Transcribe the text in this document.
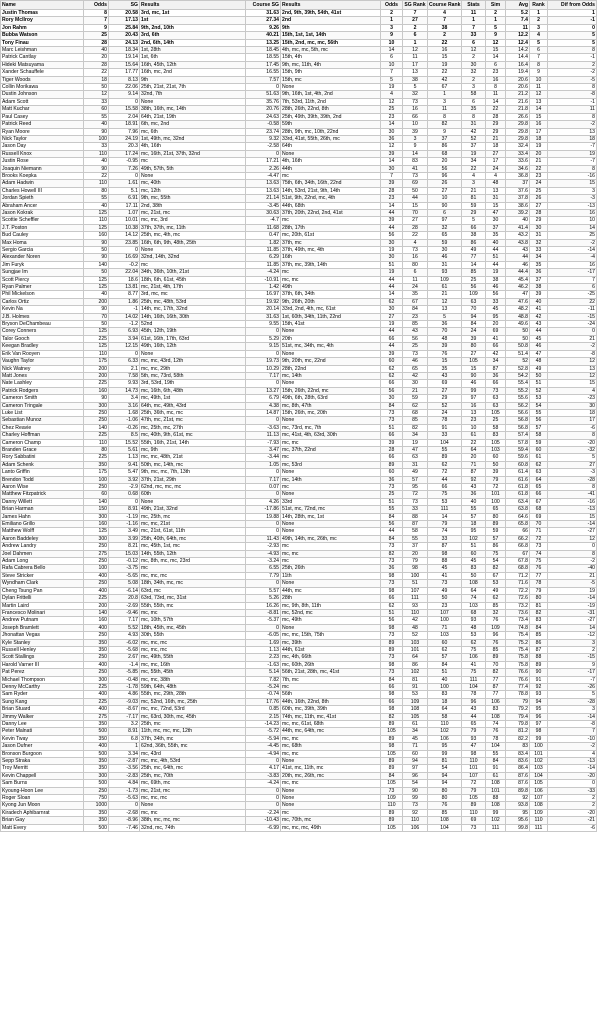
Name	Odds	SG	Results	Course SG	Results	Odds	SG Rank	Course Rank	Stats	Sim	Avg	Rank	Dif from Odds
Justin Thomas	8	20.58	3rd, mc, 1st	31.63	2nd, 9th, 39th, 54th, 41st	2	7	4	11	2	5.2	1	1
Rory McIlroy	7	17.13	1st	27.34	2nd	1	27	7	1	1	7.4	2	-1
Jon Rahm	9	25.84	9th, 2nd, 10th	9.26	9th	3	2	38	7	5	11	3	0
Bubba Watson	25	20.43	3rd, 6th	40.21	15th, 1st, 1st, 14th	9	6	2	33	9	12.2	4	5
Tony Finau	28	24.13	2nd, 6th, 14th	13.25	15th, 2nd, mc, mc, 56th	10	1	22	6	12	12.4	5	5
Marc Leishman	40	18.34	1st, 28th	18.45	4th, mc, mc, 5th, mc	14	12	16	12	15	14.2	6	8
Patrick Cantlay	20	19.14	1st, 6th	18.55	15th, 4th	6	11	15	2	14	14.4	7	-1
Hideki Matsuyama	28	15.64	16th, 45th, 12th	17.45	9th, mc, 11th, 4th	10	17	19	30	6	16.4	8	2
Xander Schauffele	22	17.77	16th, mc, 2nd	16.55	15th, 9th	7	13	22	32	23	19.4	9	-2
Tiger Woods	18	8.13	9th	7.57	15th, mc	5	38	42	2	16	20.6	10	-5
Collin Morikawa	50	22.06	25th, 21st, 21st, 7th	0	None	19	5	67	3	8	20.6	11	8
Dustin Johnson	12	9.14	32nd, 7th	51.63	9th, 16th, 1st, 4th, 2nd	4	32	1	58	11	21.2	12	-8
Adam Scott	33	0	None	35.76	7th, 53rd, 11th, 2nd	12	73	3	6	14	21.6	13	-1
Matt Kuchar	60	15.58	38th, 16th, mc, 14th	20.76	28th, 26th, 22nd, 8th	25	16	11	35	22	21.8	14	11
Paul Casey	55	2.04	64th, 21st, 19th	24.63	25th, 49th, 39th, 39th, 2nd	23	66	8	8	28	26.6	15	8
Patrick Reed	40	18.91	6th, mc, 2nd	-0.58	59th	14	10	82	31	29	29.8	16	-2
Ryan Moore	90	7.96	mc, 6th	23.74	28th, 9th, mc, 10th, 22nd	30	39	9	42	29	29.8	17	13
Nick Taylor	100	24.19	1st, 49th, mc, 32nd	9.32	33rd, 41st, 55th, 26th, mc	36	3	37	52	21	29.8	18	18
Jason Day	33	20.3	4th, 16th	-2.58	64th	12	9	86	37	18	32.4	19	-7
Russell Knox	110	17.24	mc, 16th, 21st, 37th, 32nd	0	None	39	14	68	19	27	33.4	20	19
Justin Rose	40	-0.95	mc	17.21	4th, 16th	14	83	20	34	17	33.6	21	-7
Joaquin Niemann	90	7.26	49th, 57th, 5th	2.26	44th	30	41	56	22	24	34.6	22	8
Brooks Koepka	22	0	None	-4.47	mc	7	73	96	4	4	36.8	23	-16
Adam Hadwin	110	1.61	mc, 40th	13.63	75th, 6th, 34th, 16th, 22nd	39	69	26	3	48	37	24	15
Charles Howell III	80	5.1	mc, 12th	13.63	14th, 53rd, 21st, 9th, 14th	28	50	27	21	13	37.6	25	3
Jordan Spieth	55	6.91	9th, mc, 55th	21.14	51st, 9th, 22nd, mc, 4th	23	44	10	81	31	37.8	26	-3
Abraham Ancer	40	17.11	2nd, 38th	-3.45	44th, 68th	14	15	90	59	15	38.6	27	-13
Jason Kokrak	125	1.07	mc, 21st, mc	30.63	37th, 20th, 22nd, 2nd, 41st	44	70	6	29	47	39.2	28	16
Scottie Scheffler	110	10.01	mc, mc, 3rd	-4.7	mc	39	27	97	5	30	40	29	10
J.T. Poston	125	10.38	37th, 37th, mc, 11th	11.68	28th, 17th	44	28	32	66	37	41.4	30	14
Bud Cauley	160	14.12	25th, mc, 4th, mc	0.47	mc, 20th, 61st	56	22	65	38	35	43.2	31	25
Max Homa	90	23.85	16th, 6th, 9th, 48th, 25th	1.82	37th, mc	30	4	59	86	40	43.8	32	-2
Sergio Garcia	50	0	None	11.85	37th, 49th, mc, 4th	19	73	30	49	44	43	33	-14
Alexander Noren	90	16.69	32nd, 14th, 32nd	6.29	16th	30	16	46	77	51	44	34	-4
Jim Furyk	140	-0.2	mc	11.85	37th, mc, 39th, 14th	51	80	31	14	44	46	35	16
Sungjae Im	50	22.04	34th, 36th, 10th, 21st	-4.24	mc	19	6	93	85	19	44.4	36	-17
Scott Piercy	125	18.6	18th, 6th, 61st, 45th	-10.91	mc, mc	44	11	109	25	38	45.4	37	7
Ryan Palmer	125	13.81	mc, 21st, 4th, 17th	1.42	49th	44	24	61	56	46	46.2	38	6
Phil Mickelson	40	8.77	3rd, mc, mc	16.97	37th, 6th, 34th	14	35	21	109	56	47	39	-25
Carlos Ortiz	200	1.86	25th, mc, 48th, 53rd	19.92	9th, 26th, 20th	62	67	12	63	33	47.6	40	22
Kevin Na	90	-1	14th, mc, 17th, 32nd	20.14	33rd, 2nd, 4th, mc, 61st	30	84	13	70	45	48.2	41	-11
J.B. Holmes	70	14.02	14th, 16th, 16th, 30th	31.63	1st, 60th, 34th, 11th, 22nd	27	23	5	94	95	48.8	42	-15
Bryson DeChambeau	50	-1.2	52nd	9.55	15th, 41st	19	85	36	84	20	49.6	43	-24
Corey Conners	125	6.93	45th, 12th, 19th	0	None	44	43	70	24	69	50	44	0
Talor Gooch	225	3.94	61st, 16th, 17th, 63rd	5.29	20th	66	56	48	39	41	50	45	21
Keegan Bradley	125	12.15	49th, 16th, 12th	9.15	51st, mc, 34th, mc, 4th	44	25	39	80	66	50.8	46	-2
Erik Van Rooyen	110	0	None	0	None	39	73	76	27	42	51.4	47	-8
Vaughn Taylor	175	6.33	mc, mc, 43rd, 12th	19.73	9th, 20th, mc, 22nd	60	46	15	105	34	52	48	12
Nick Watney	200	2.1	mc, mc, 29th	10.29	28th, 22nd	62	65	35	15	87	52.8	49	13
Matt Jones	200	7.58	5th, mc, 73rd, 58th	7.17	mc, 14th	62	42	43	90	36	54.2	50	12
Nate Lashley	225	9.93	3rd, 53rd, 19th	0	None	66	30	69	46	66	55.4	51	15
Patrick Rodgers	160	14.73	mc, 16th, 6th, 48th	13.27	15th, 26th, 22nd, mc	56	21	27	99	73	55.2	52	4
Cameron Smith	90	3.4	mc, 49th, 1st	6.79	49th, 6th, 28th, 63rd	30	59	29	97	63	55.6	53	-23
Cameron Tringale	300	3.16	64th, mc, 49th, 43rd	4.38	mc, 8th, 47th	84	62	52	16	63	56.2	54	30
Luke List	250	1.68	25th, 36th, mc, mc	14.87	15th, 26th, mc, 20th	73	68	24	13	105	56.6	55	18
Sebastian Munoz	250	-1.06	47th, mc, 21st, mc	0	None	73	85	78	23	25	56.8	56	17
Chez Reavie	140	-0.26	mc, 25th, mc, 27th	-3.63	mc, 73rd, mc, 7th	51	82	91	10	58	56.8	57	-6
Charley Hoffman	225	8.5	mc, 40th, 9th, 61st, mc	11.13	mc, 41st, 4th, 63rd, 30th	66	34	33	61	83	57.4	58	8
Cameron Champ	110	15.52	55th, 16th, 21st, 14th	-7.93	mc, mc	39	19	104	22	105	57.8	59	-20
Branden Grace	80	5.61	mc, 9th	3.47	mc, 37th, 22nd	28	47	55	64	103	59.4	60	-32
Rory Sabbatini	225	1.13	mc, mc, 48th, 21st	-3.44	mc	66	63	89	20	60	59.6	61	5
Adam Schenk	350	9.41	50th, mc, 14th, mc	1.05	mc, 53rd	89	31	62	71	50	60.8	62	27
Lanto Griffin	175	5.47	9th, mc, mc, 7th, 13th	0	None	60	49	72	87	39	61.4	63	-3
Brendon Todd	100	3.92	37th, 21st, 29th	7.17	mc, 14th	36	57	44	92	79	61.6	64	-28
Aaron Wise	250	-2.9	62nd, mc, mc, mc	0.07	mc	73	95	66	43	72	61.8	65	8
Matthew Fitzpatrick	60	0.68	60th	0	None	25	72	75	36	101	61.8	66	-41
Danny Willett	140	0	None	4.26	33rd	51	73	53	40	100	63.4	67	-16
Brian Harman	150	8.91	49th, 21st, 32nd	-17.86	51st, mc, 72nd, mc	55	33	111	55	65	63.8	68	-13
James Hahn	300	-1.19	mc, 25th, mc	19.88	14th, 28th, mc, 1st	84	88	14	57	80	64.6	69	15
Emiliano Grillo	160	-1.16	mc, mc, 21st	0	None	56	87	79	18	89	65.8	70	-14
Matthew Wolff	125	3.49	mc, 21st, 61st, 11th	0	None	44	58	74	95	59	66	71	-27
Aaron Baddeley	300	3.99	25th, 40th, 64th, mc	11.43	49th, 14th, mc, 26th, mc	84	55	33	102	57	66.2	72	12
Andrew Landry	250	8.21	mc, 45th, 1st, mc	-2.93	mc	73	37	87	51	86	66.8	73	0
Joel Dahmen	275	15.03	14th, 55th, 12th	-4.93	mc, mc	82	20	98	60	75	67	74	8
Adam Long	250	-0.12	mc, 8th, mc, mc, 23rd	-3.24	mc	73	79	88	45	54	67.8	75	-2
Rafa Cabrera Bello	100	-3.75	mc	6.55	25th, 26th	36	98	45	83	82	68.8	76	-40
Steve Stricker	400	-5.65	mc, mc, mc	7.79	11th	98	100	41	50	67	71.2	77	21
Wyndham Clark	250	5.08	18th, 34th, mc, mc	0	None	73	51	73	108	53	71.6	78	-5
Cheng Tsung Pan	400	-6.14	63rd, mc	5.57	44th, mc	98	107	49	64	49	72.2	79	19
Dylan Frittelli	225	20.8	63rd, 73rd, mc, 31st	5.26	28th	66	111	50	74	62	72.6	80	-14
Martin Laird	200	-2.69	55th, 55th, mc	16.26	mc, 9th, 8th, 11th	62	93	23	103	85	73.2	81	-19
Francesco Molinari	140	-9.46	mc, mc	-8.81	mc, 52nd, mc	51	110	107	68	32	73.6	82	-31
Andrew Putnam	160	7.17	mc, 10th, 57th	-5.37	mc, 49th	56	42	100	93	76	73.4	83	-27
Joseph Bramlett	400	5.52	18th, 45th, mc, 45th	0	None	98	48	71	48	109	74.8	84	14
Jhonattan Vegas	250	4.93	30th, 55th	-6.05	mc, mc, 15th, 75th	73	52	103	53	96	75.4	85	-12
Kyle Stanley	350	-6.02	mc, mc, mc	1.69	mc, 39th	89	103	60	62	76	75.2	86	3
Russell Henley	350	-5.68	mc, mc, mc	1.13	44th, 61st	89	101	62	75	85	75.4	87	2
Scott Stallings	250	2.67	mc, 49th, 55th	2.23	mc, 4th, 66th	73	64	57	106	89	75.8	88	-15
Harold Varner III	400	-1.4	mc, mc, 16th	-1.63	mc, 60th, 26th	98	86	84	41	70	75.8	89	9
Pat Perez	250	-5.85	mc, 55th, 45th	5.14	56th, 21st, 28th, mc, 41st	73	102	51	75	82	76.6	90	-17
Michael Thompson	300	-0.48	mc, mc, 38th	7.82	7th, mc	84	81	40	111	77	76.6	91	-7
Denny McCarthy	225	-1.78	59th, 64th, 48th	-5.24	mc	66	91	100	104	87	77.4	92	-26
Sam Ryder	400	4.86	55th, mc, 29th, 28th	-0.74	56th	98	53	83	78	77	78.8	93	5
Sung Kang	225	-9.03	mc, 52nd, 16th, mc, 25th	17.76	44th, 16th, 22nd, 8th	66	109	18	96	106	79	94	-28
Brian Stuard	400	-8.67	mc, mc, 72nd, 53rd	0.85	60th, mc, 39th, 39th	98	108	64	43	83	79.2	95	3
Jimmy Walker	275	-7.17	mc, 63rd, 30th, mc, 45th	2.15	74th, mc, 11th, mc, 41st	82	105	58	44	108	79.4	96	-14
Danny Lee	350	3.2	25th, mc	-14.23	mc, mc, 61st, 68th	89	61	110	65	74	79.8	97	-8
Peter Malnati	500	8.91	11th, mc, mc, mc, 12th	-5.72	44th, mc, 64th, mc	105	34	102	79	76	81.2	98	7
Kevin Tway	350	6.8	37th, 34th, mc	-5.94	mc, mc	89	45	106	93	78	82.2	99	-10
Jason Dufner	400	1	62nd, 36th, 55th, mc	-4.45	mc, 68th	98	71	95	47	104	83	100	-2
Bronson Burgoon	500	3.34	mc, 43rd	-4.94	mc, mc	105	60	99	98	55	83.4	101	4
Sepp Straka	350	-2.87	mc, mc, 4th, 53rd	0	None	89	94	81	110	84	83.6	102	-13
Troy Merritt	350	-3.56	25th, mc, 64th, mc	4.17	41st, mc, 11th, mc	89	97	54	101	91	86.4	103	-14
Kevin Chappell	300	-2.83	25th, mc, 70th	-3.83	20th, mc, 26th, mc	84	96	94	107	61	87.6	104	-20
Sam Burns	500	4.84	mc, 69th, mc	-4.24	mc, mc	105	54	94	72	108	87.6	105	0
Kyoung-Hoon Lee	250	-1.73	mc, 21st, mc	0	None	73	90	80	79	101	89.8	106	-33
Roger Sloan	750	-5.63	mc, mc, mc	0	None	109	99	80	105	88	92	107	2
Kyong Jun Moon	1000	0	None	0	None	110	73	76	89	108	93.8	108	2
Kiradech Aphibarnrat	350	-2.68	mc, mc	-2.24	mc	89	92	85	110	99	95	109	-20
Brian Gay	350	-8.96	38th, mc, mc, mc	-10.43	mc, 70th, mc	89	110	108	69	102	95.6	110	-21
Matt Every	500	-7.46	32nd, mc, 74th	-6.99	mc, mc, mc, 49th	105	106	104	73	111	99.8	111	-6
